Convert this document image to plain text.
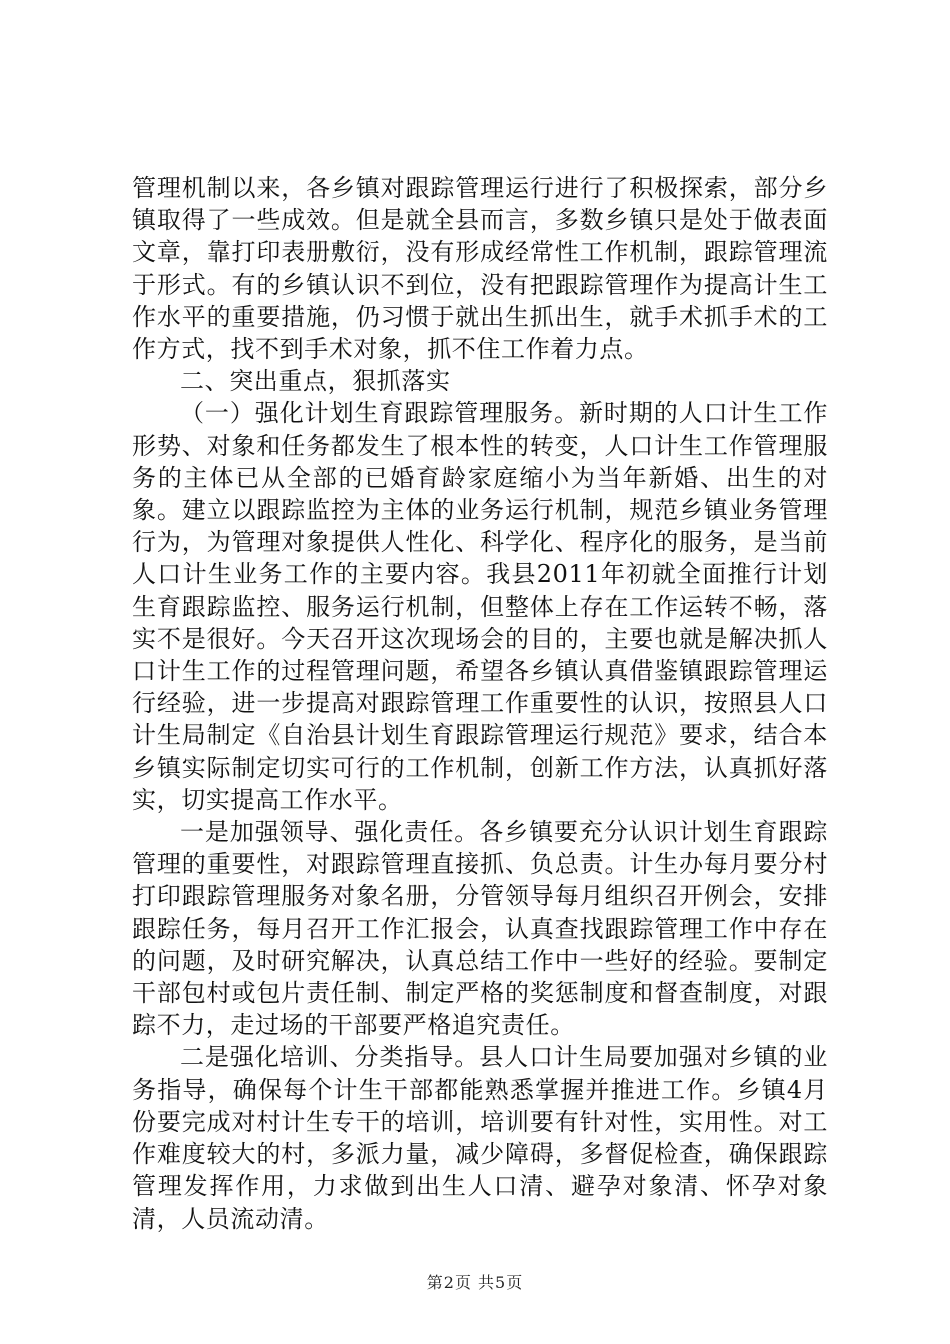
管理机制以来，各乡镇对跟踪管理运行进行了积极探索，部分乡镇取得了一些成效。但是就全县而言，多数乡镇只是处于做表面文章，靠打印表册敷衍，没有形成经常性工作机制，跟踪管理流于形式。有的乡镇认识不到位，没有把跟踪管理作为提高计生工作水平的重要措施，仍习惯于就出生抓出生，就手术抓手术的工作方式，找不到手术对象，抓不住工作着力点。

二、突出重点，狠抓落实

（一）强化计划生育跟踪管理服务。新时期的人口计生工作形势、对象和任务都发生了根本性的转变，人口计生工作管理服务的主体已从全部的已婚育龄家庭缩小为当年新婚、出生的对象。建立以跟踪监控为主体的业务运行机制，规范乡镇业务管理行为，为管理对象提供人性化、科学化、程序化的服务，是当前人口计生业务工作的主要内容。我县2011年初就全面推行计划生育跟踪监控、服务运行机制，但整体上存在工作运转不畅，落实不是很好。今天召开这次现场会的目的，主要也就是解决抓人口计生工作的过程管理问题，希望各乡镇认真借鉴镇跟踪管理运行经验，进一步提高对跟踪管理工作重要性的认识，按照县人口计生局制定《自治县计划生育跟踪管理运行规范》要求，结合本乡镇实际制定切实可行的工作机制，创新工作方法，认真抓好落实，切实提高工作水平。

一是加强领导、强化责任。各乡镇要充分认识计划生育跟踪管理的重要性，对跟踪管理直接抓、负总责。计生办每月要分村打印跟踪管理服务对象名册，分管领导每月组织召开例会，安排跟踪任务，每月召开工作汇报会，认真查找跟踪管理工作中存在的问题，及时研究解决，认真总结工作中一些好的经验。要制定干部包村或包片责任制、制定严格的奖惩制度和督查制度，对跟踪不力，走过场的干部要严格追究责任。

二是强化培训、分类指导。县人口计生局要加强对乡镇的业务指导，确保每个计生干部都能熟悉掌握并推进工作。乡镇4月份要完成对村计生专干的培训，培训要有针对性，实用性。对工作难度较大的村，多派力量，减少障碍，多督促检查，确保跟踪管理发挥作用，力求做到出生人口清、避孕对象清、怀孕对象清，人员流动清。

第2页 共5页
